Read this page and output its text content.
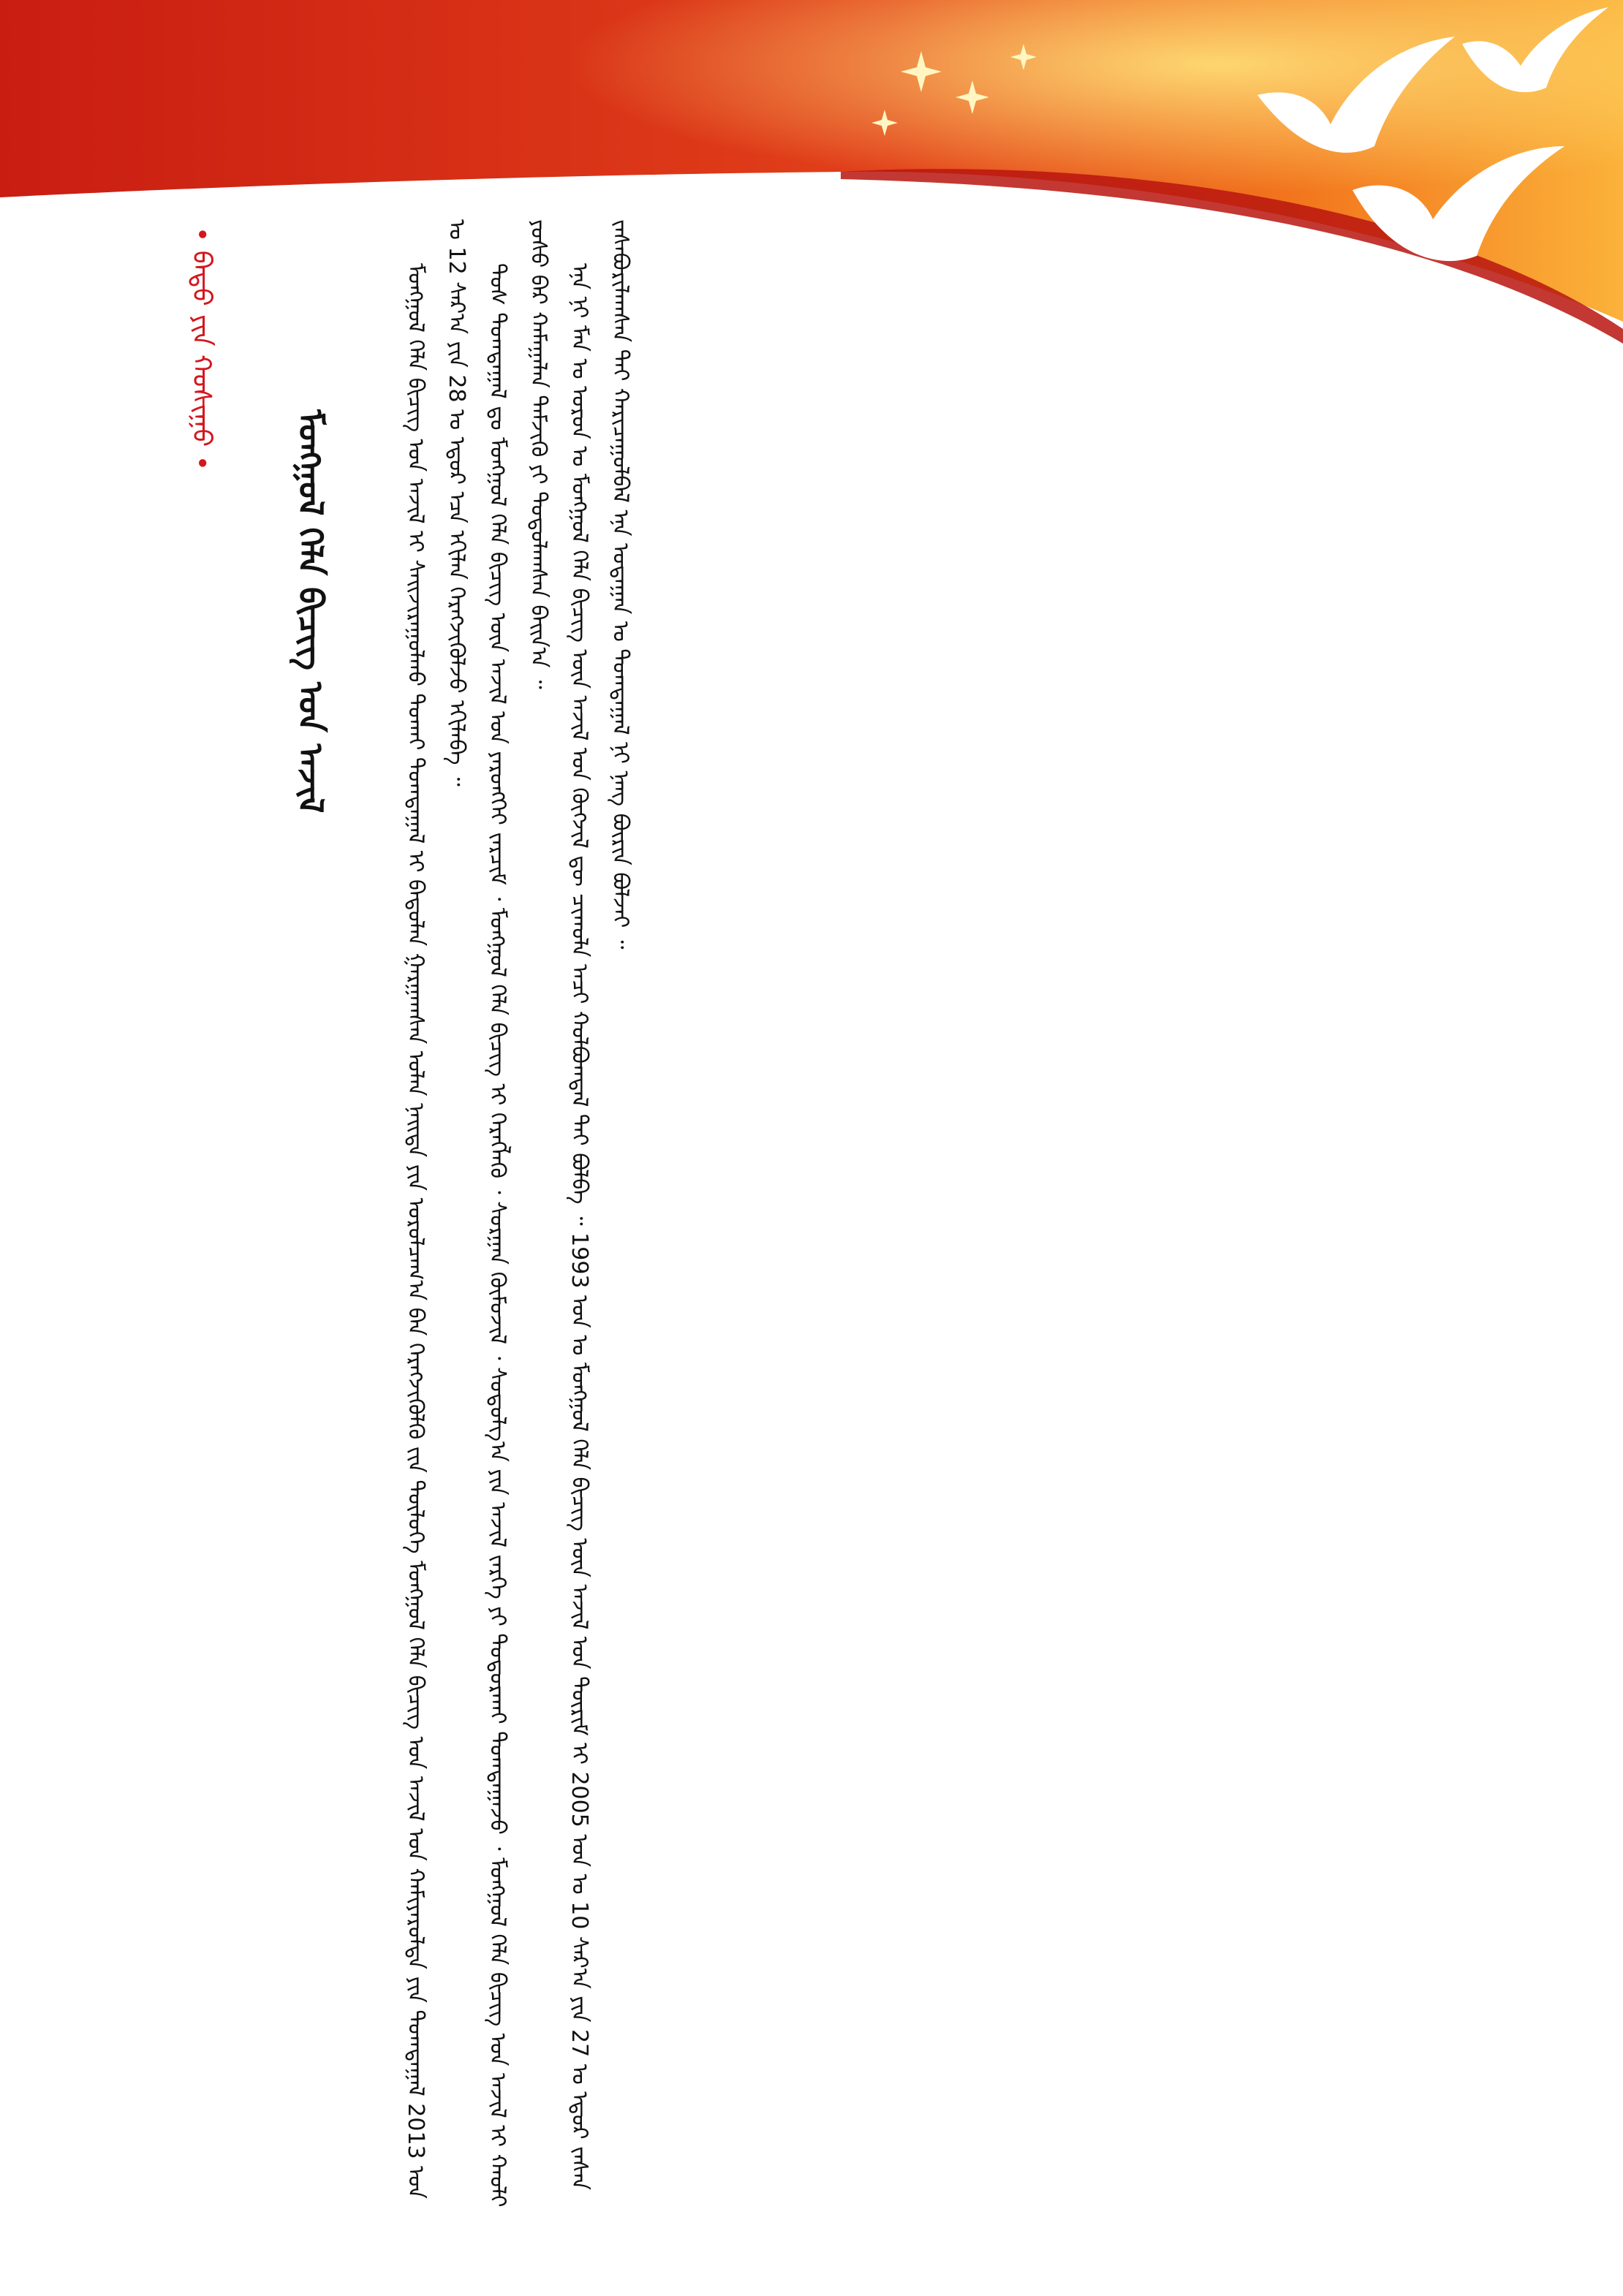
ᠮᠣᠩᠭᠣᠯ ᠬᠡᠯᠡ ᠪᠢᠴᠢᠭ ᠤᠨ ᠠᠵᠢᠯ ᠢ ᠰᠠᠢᠵᠢᠷᠠᠭᠤᠯᠬᠤ ᠲᠤᠬᠠᠢ ᠲᠣᠭᠲᠠᠭᠠᠯ ᠢ ᠪᠠᠲᠤᠯᠠᠨ ᠭᠠᠷᠭᠠᠭᠰᠠᠨ ᠣᠯᠠᠨ ᠨᠡᠢᠲᠡ ᠶᠢᠨ ᠣᠷᠣᠯᠴᠠᠭ᠎ᠠ ᠪᠠᠨ ᠬᠡᠷᠡᠭᠵᠢᠭᠦᠯᠬᠦ ᠵᠢᠨ ᠲᠦᠯᠦᠭᠡ ᠮᠣᠩᠭᠣᠯ ᠬᠡᠯᠡ ᠪᠢᠴᠢᠭ ᠤᠨ ᠠᠵᠢᠯ ᠤᠨ ᠬᠠᠮᠢᠶᠠᠷᠤᠯᠲᠠ ᠶᠢᠨ ᠲᠣᠭᠲᠠᠭᠠᠯ 2013 ᠣᠨ ᠤ 12 ᠰᠠᠷ᠎ᠠ ᠶᠢᠨ 28 ᠤ ᠡᠳᠦᠷ ᠡᠴᠡ ᠡᠬᠢᠯᠡᠨ ᠬᠡᠷᠡᠭᠵᠢᠭᠦᠯᠵᠦ ᠡᠬᠢᠯᠡᠪᠡ ᠃ ᠲᠤᠰ ᠲᠣᠭᠲᠠᠭᠠᠯ ᠳᠤ ᠮᠣᠩᠭᠣᠯ ᠬᠡᠯᠡ ᠪᠢᠴᠢᠭ ᠦᠨ ᠠᠵᠢᠯ ᠤᠨ ᠶᠡᠷᠦᠩᠬᠡᠢ ᠵᠠᠷᠴᠢᠮ ᠂ ᠮᠣᠩᠭᠣᠯ ᠬᠡᠯᠡ ᠪᠢᠴᠢᠭ ᠢ ᠬᠡᠷᠡᠭᠯᠡᠬᠦ ᠂ ᠰᠤᠷᠭᠠᠨ ᠬᠦᠮᠦᠵᠢᠯ ᠂ ᠰᠤᠳᠤᠯᠭ᠎ᠠ ᠶᠢᠨ ᠠᠵᠢᠯ ᠵᠡᠷᠭᠡ ᠶᠢ ᠲᠣᠳᠣᠷᠬᠠᠢ ᠲᠣᠭᠲᠠᠭᠠᠵᠤ ᠂ ᠮᠣᠩᠭᠣᠯ ᠬᠡᠯᠡ ᠪᠢᠴᠢᠭ ᠤᠨ ᠠᠵᠢᠯ ᠢ ᠬᠠᠤᠯᠢ ᠶᠣᠰᠣ ᠪᠠᠷ ᠬᠠᠮᠠᠭᠠᠯᠠᠨ ᠳᠡᠮᠵᠢᠬᠦ ᠶᠢ ᠲᠤᠳᠤᠯᠠᠭᠰᠠᠨ ᠪᠠᠢᠨ᠎ᠠ ᠃ ᠡᠨᠡ ᠨᠢ ᠮᠠᠨ ᠤ ᠣᠷᠣᠨ ᠤ ᠮᠣᠩᠭᠣᠯ ᠬᠡᠯᠡ ᠪᠢᠴᠢᠭ ᠦᠨ ᠠᠵᠢᠯ ᠤᠨ ᠬᠦᠭᠵᠢᠯ ᠳᠦ ᠴᠢᠬᠤᠯᠠ ᠠᠴᠢ ᠬᠣᠯᠪᠣᠭᠳᠠᠯ ᠲᠠᠢ ᠪᠣᠯᠪᠠ ᠃ 1993 ᠣᠨ ᠤ ᠮᠣᠩᠭᠣᠯ ᠬᠡᠯᠡ ᠪᠢᠴᠢᠭ ᠦᠨ ᠠᠵᠢᠯ ᠤᠨ ᠳᠦᠷᠢᠮ ᠢ 2005 ᠣᠨ ᠤ 10 ᠰᠠᠷ᠎ᠠ ᠶᠢᠨ 27 ᠤ ᠡᠳᠦᠷ ᠵᠠᠰᠠᠨ ᠵᠠᠰᠠᠪᠤᠷᠢᠯᠠᠭᠰᠠᠨ ᠲᠠᠢ ᠬᠠᠷᠢᠴᠠᠭᠤᠯᠪᠠᠯ ᠡᠨᠡ ᠤᠳᠠᠭᠠᠨ ᠤ ᠲᠣᠭᠲᠠᠭᠠᠯ ᠨᠢ ᠨᠡᠩ ᠪᠦᠷᠢᠨ ᠪᠣᠯᠵᠠᠢ ᠃

ᠮᠣᠩᠭᠣᠯ ᠬᠡᠯᠡ ᠪᠢᠴᠢᠭ ᠤᠨ ᠠᠵᠢᠯ
• ᠪᠠᠲᠤ ᠶᠢᠨ ᠬᠣᠰᠢᠭᠤ •
